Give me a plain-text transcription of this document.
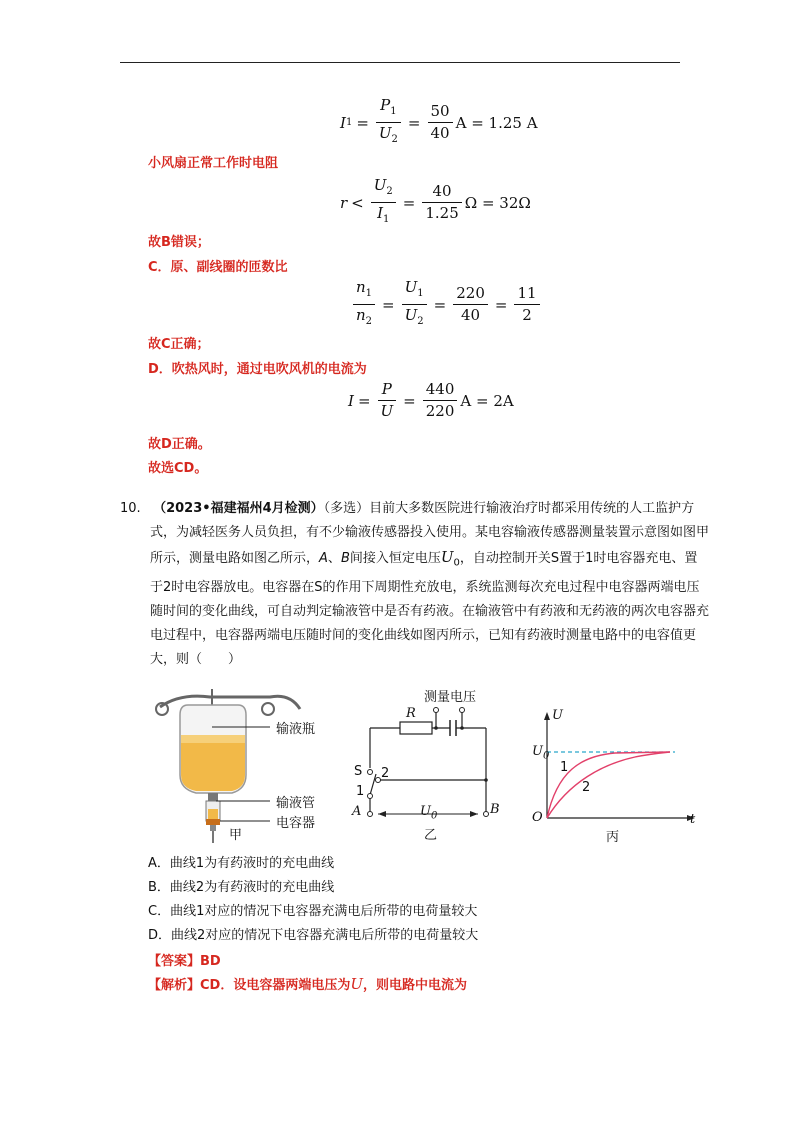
I $1 = \frac{P_1}{U_2} = \frac{50}{40}$ A = 1.25 A
小风扇正常工作时电阻
$r < \frac{U_2}{I_1} = \frac{40}{1.25}$ Ω = 32Ω
故B错误；
C．原、副线圈的匝数比
$\frac{n_1}{n_2} = \frac{U_1}{U_2} = \frac{220}{40} = \frac{11}{2}$
故C正确；
D．吹热风时，通过电吹风机的电流为
$I = \frac{P}{U} = \frac{440}{220}$ A = 2A
故D正确。
故选CD。
10. （2023•福建福州4月检测）（多选）目前大多数医院进行输液治疗时都采用传统的人工监护方式，为减轻医务人员负担，有不少输液传感器投入使用。某电容输液传感器测量装置示意图如图甲所示，测量电路如图乙所示，A、B间接入恒定电压$U_0$，自动控制开关S置于1时电容器充电、置于2时电容器放电。电容器在S的作用下周期性充放电，系统监测每次充电过程中电容器两端电压随时间的变化曲线，可自动判定输液管中是否有药液。在输液管中有药液和无药液的两次电容器充电过程中，电容器两端电压随时间的变化曲线如图丙所示，已知有药液时测量电路中的电容值更大，则（　　）
输液瓶
输液管
电容器
甲
测量电压
R
S 2
1
A	B
$U_0$
乙
U
$U_0$
1
2
O	t
丙
A．曲线1为有药液时的充电曲线
B．曲线2为有药液时的充电曲线
C．曲线1对应的情况下电容器充满电后所带的电荷量较大
D．曲线2对应的情况下电容器充满电后所带的电荷量较大
【答案】BD
【解析】CD．设电容器两端电压为U，则电路中电流为
